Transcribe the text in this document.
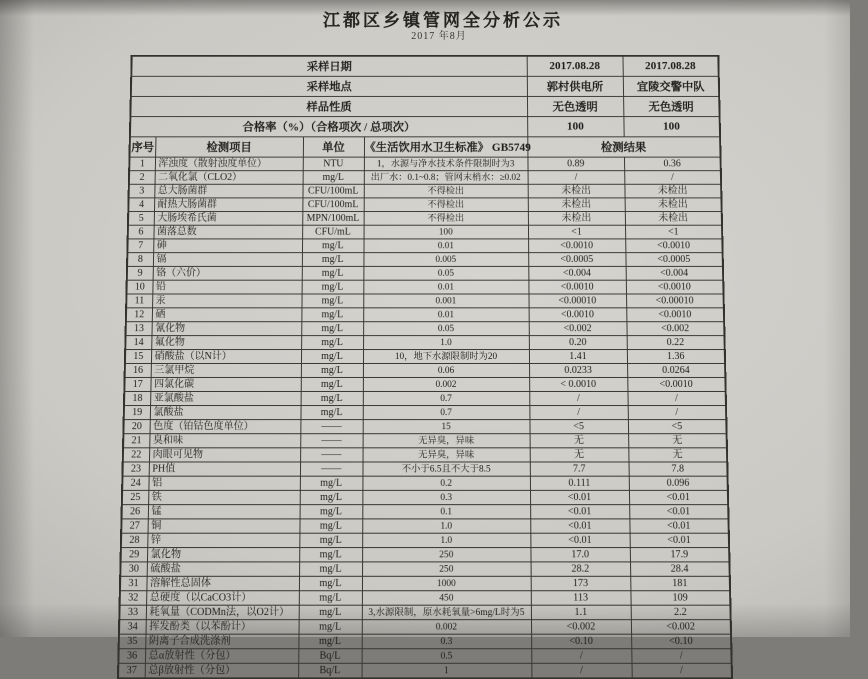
江都区乡镇管网全分析公示
2017 年8月
采样日期				2017.08.28	2017.08.28
采样地点				郭村供电所	宜陵交警中队
样品性质				无色透明	无色透明
合格率（%）（合格项次 / 总项次）				100	100
序号	检测项目	单位	《生活饮用水卫生标准》 GB5749	检测结果	
1	浑浊度（散射浊度单位）	NTU	1，水源与净水技术条件限制时为3	0.89	0.36
2	二氧化氯（CLO2）	mg/L	出厂水：0.1~0.8；管网末梢水：≥0.02	/	/
3	总大肠菌群	CFU/100mL	不得检出	未检出	未检出
4	耐热大肠菌群	CFU/100mL	不得检出	未检出	未检出
5	大肠埃希氏菌	MPN/100mL	不得检出	未检出	未检出
6	菌落总数	CFU/mL	100	<1	<1
7	砷	mg/L	0.01	<0.0010	<0.0010
8	镉	mg/L	0.005	<0.0005	<0.0005
9	铬（六价）	mg/L	0.05	<0.004	<0.004
10	铅	mg/L	0.01	<0.0010	<0.0010
11	汞	mg/L	0.001	<0.00010	<0.00010
12	硒	mg/L	0.01	<0.0010	<0.0010
13	氰化物	mg/L	0.05	<0.002	<0.002
14	氟化物	mg/L	1.0	0.20	0.22
15	硝酸盐（以N计）	mg/L	10，地下水源限制时为20	1.41	1.36
16	三氯甲烷	mg/L	0.06	0.0233	0.0264
17	四氯化碳	mg/L	0.002	< 0.0010	<0.0010
18	亚氯酸盐	mg/L	0.7	/	/
19	氯酸盐	mg/L	0.7	/	/
20	色度（铂钴色度单位）	——	15	<5	<5
21	臭和味	——	无异臭，异味	无	无
22	肉眼可见物	——	无异臭，异味	无	无
23	PH值	——	不小于6.5且不大于8.5	7.7	7.8
24	铝	mg/L	0.2	0.111	0.096
25	铁	mg/L	0.3	<0.01	<0.01
26	锰	mg/L	0.1	<0.01	<0.01
27	铜	mg/L	1.0	<0.01	<0.01
28	锌	mg/L	1.0	<0.01	<0.01
29	氯化物	mg/L	250	17.0	17.9
30	硫酸盐	mg/L	250	28.2	28.4
31	溶解性总固体	mg/L	1000	173	181
32	总硬度（以CaCO3计）	mg/L	450	113	109
33	耗氧量（CODMn法，以O2计）	mg/L	3,水源限制，原水耗氧量>6mg/L时为5	1.1	2.2
34	挥发酚类（以苯酚计）	mg/L	0.002	<0.002	<0.002
35	阴离子合成洗涤剂	mg/L	0.3	<0.10	<0.10
36	总α放射性（分包）	Bq/L	0.5	/	/
37	总β放射性（分包）	Bq/L	1	/	/
